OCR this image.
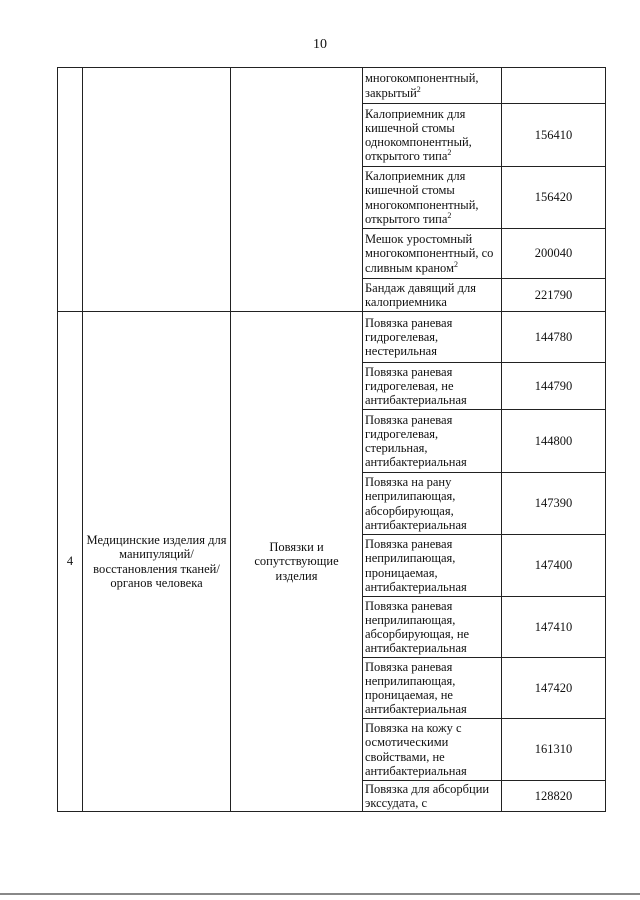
10
			многокомпонентный, закрытый$^2$	
			Калоприемник для кишечной стомы однокомпонентный, открытого типа$^2$	156410
			Калоприемник для кишечной стомы многокомпонентный, открытого типа$^2$	156420
			Мешок уростомный многокомпонентный, со сливным краном$^2$	200040
			Бандаж давящий для калоприемника	221790
4	Медицинские изделия для манипуляций/ восстановления тканей/органов человека	Повязки и сопутствующие изделия	Повязка раневая гидрогелевая, нестерильная	144780
			Повязка раневая гидрогелевая, не антибактериальная	144790
			Повязка раневая гидрогелевая, стерильная, антибактериальная	144800
			Повязка на рану неприлипающая, абсорбирующая, антибактериальная	147390
			Повязка раневая неприлипающая, проницаемая, антибактериальная	147400
			Повязка раневая неприлипающая, абсорбирующая, не антибактериальная	147410
			Повязка раневая неприлипающая, проницаемая, не антибактериальная	147420
			Повязка на кожу с осмотическими свойствами, не антибактериальная	161310
			Повязка для абсорбции экссудата, с	128820
